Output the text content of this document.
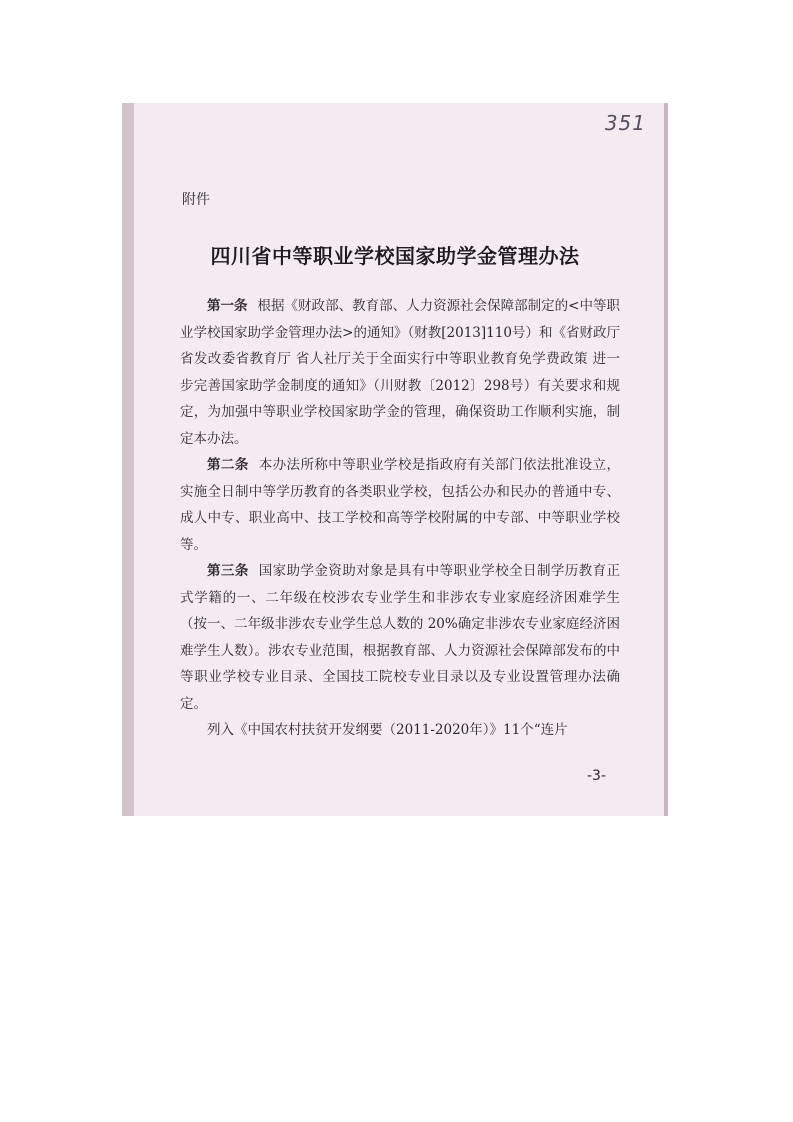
351
附件
四川省中等职业学校国家助学金管理办法

第一条 根据《财政部、教育部、人力资源社会保障部制定的<中等职业学校国家助学金管理办法>的通知》（财教[2013]110号）和《省财政厅 省发改委省教育厅 省人社厅关于全面实行中等职业教育免学费政策 进一步完善国家助学金制度的通知》（川财教〔2012〕298号）有关要求和规定，为加强中等职业学校国家助学金的管理，确保资助工作顺利实施，制定本办法。

第二条 本办法所称中等职业学校是指政府有关部门依法批准设立，实施全日制中等学历教育的各类职业学校，包括公办和民办的普通中专、成人中专、职业高中、技工学校和高等学校附属的中专部、中等职业学校等。

第三条 国家助学金资助对象是具有中等职业学校全日制学历教育正式学籍的一、二年级在校涉农专业学生和非涉农专业家庭经济困难学生（按一、二年级非涉农专业学生总人数的 20%确定非涉农专业家庭经济困难学生人数）。涉农专业范围，根据教育部、人力资源社会保障部发布的中等职业学校专业目录、全国技工院校专业目录以及专业设置管理办法确定。

列入《中国农村扶贫开发纲要（2011-2020年）》11个“连片

-3-
